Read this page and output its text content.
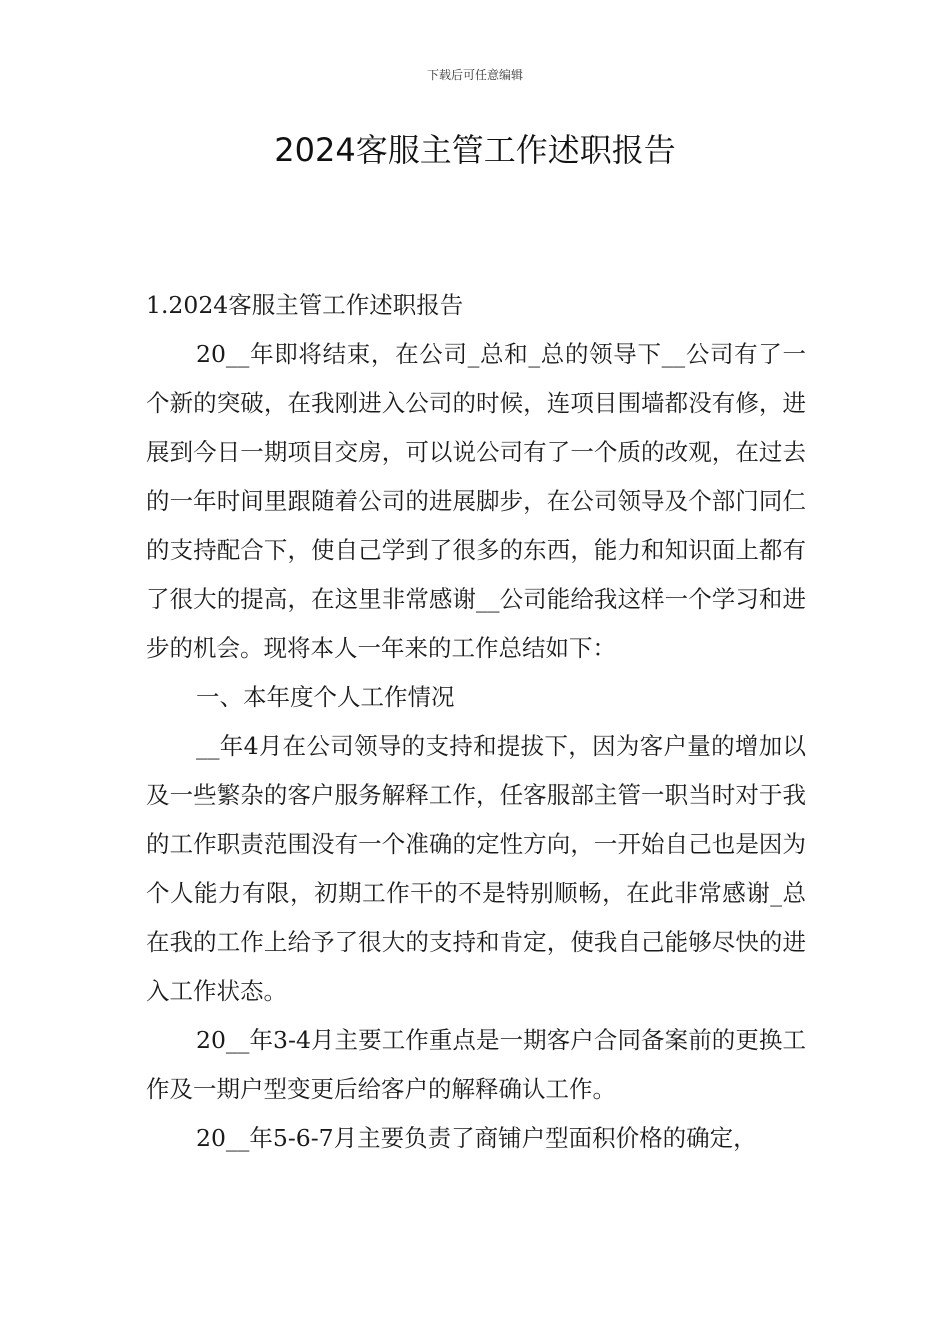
下载后可任意编辑
2024客服主管工作述职报告

1.2024客服主管工作述职报告

20__年即将结束，在公司_总和_总的领导下__公司有了一个新的突破，在我刚进入公司的时候，连项目围墙都没有修，进展到今日一期项目交房，可以说公司有了一个质的改观，在过去的一年时间里跟随着公司的进展脚步，在公司领导及个部门同仁的支持配合下，使自己学到了很多的东西，能力和知识面上都有了很大的提高，在这里非常感谢__公司能给我这样一个学习和进步的机会。现将本人一年来的工作总结如下：

一、本年度个人工作情况

__年4月在公司领导的支持和提拔下，因为客户量的增加以及一些繁杂的客户服务解释工作，任客服部主管一职当时对于我的工作职责范围没有一个准确的定性方向，一开始自己也是因为个人能力有限，初期工作干的不是特别顺畅，在此非常感谢_总在我的工作上给予了很大的支持和肯定，使我自己能够尽快的进入工作状态。

20__年3-4月主要工作重点是一期客户合同备案前的更换工作及一期户型变更后给客户的解释确认工作。

20__年5-6-7月主要负责了商铺户型面积价格的确定，
